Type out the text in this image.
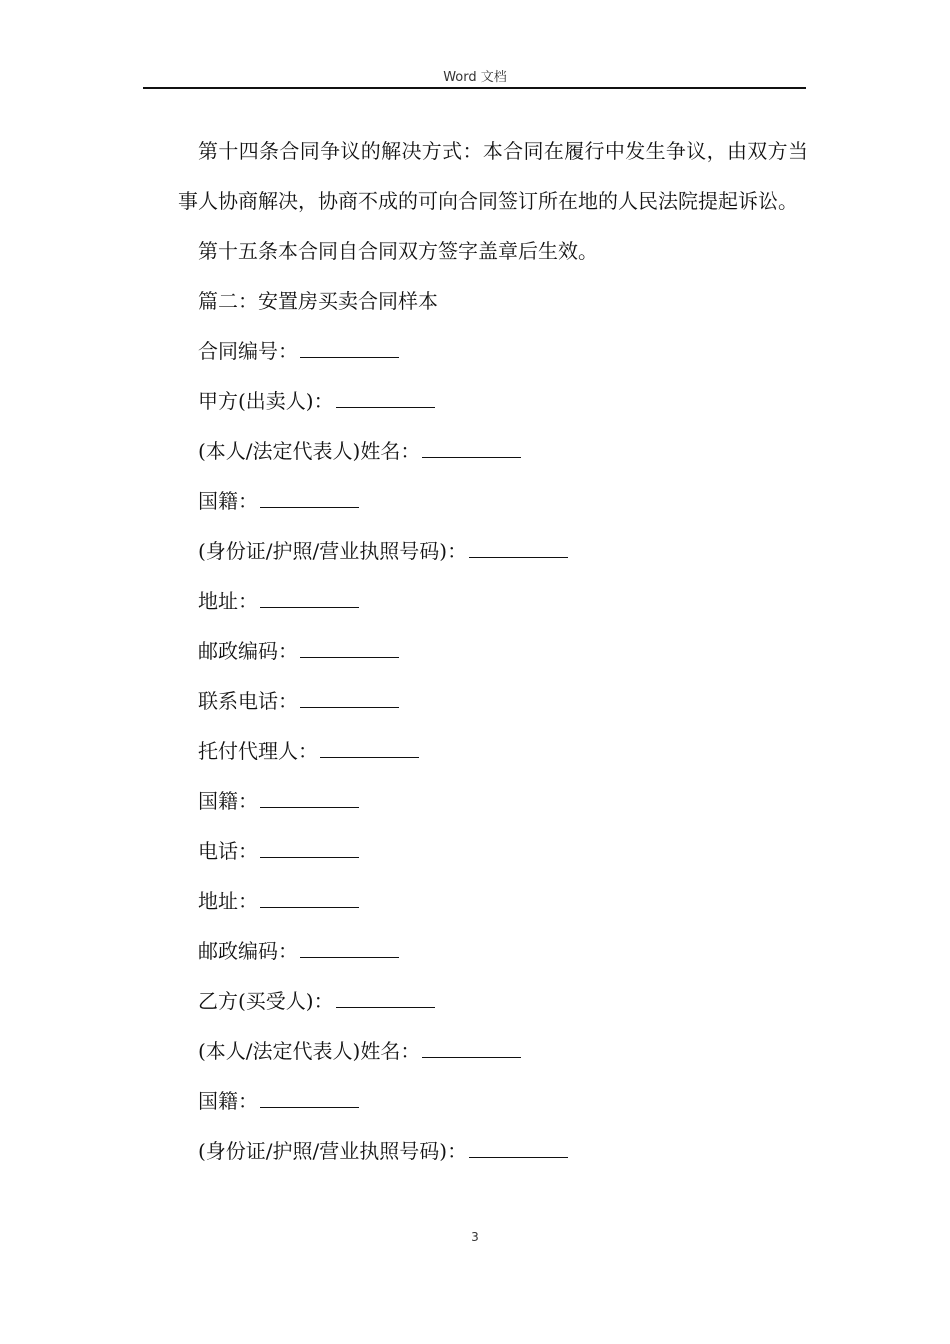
Word 文档

第十四条合同争议的解决方式：本合同在履行中发生争议，由双方当事人协商解决，协商不成的可向合同签订所在地的人民法院提起诉讼。

第十五条本合同自合同双方签字盖章后生效。

篇二：安置房买卖合同样本

合同编号：

甲方(出卖人)：

(本人/法定代表人)姓名：

国籍：

(身份证/护照/营业执照号码)：

地址：

邮政编码：

联系电话：

托付代理人：

国籍：

电话：

地址：

邮政编码：

乙方(买受人)：

(本人/法定代表人)姓名：

国籍：

(身份证/护照/营业执照号码)：

3
